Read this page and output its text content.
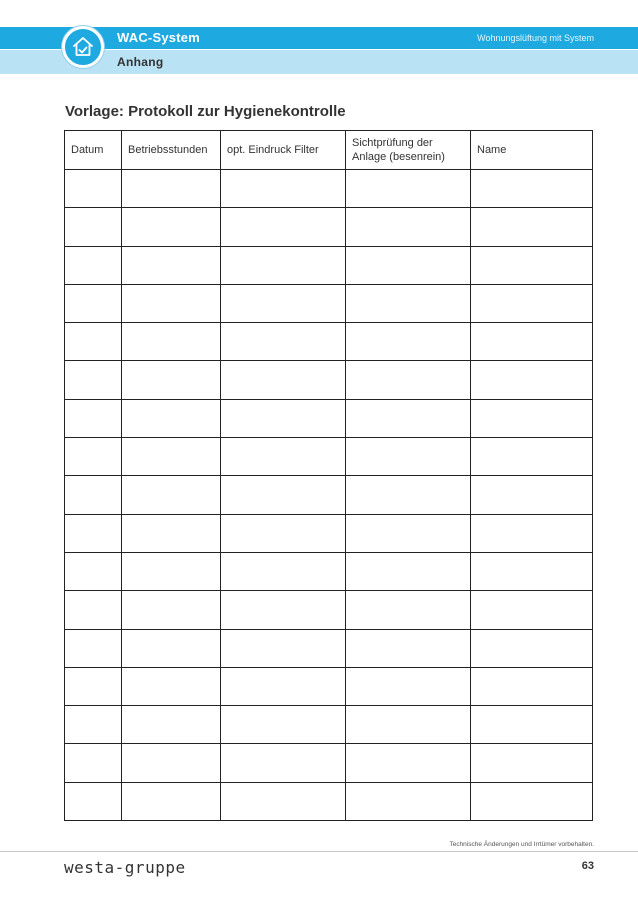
WAC-System	Wohnungslüftung mit System
Anhang
Vorlage: Protokoll zur Hygienekontrolle
Datum	Betriebsstunden	opt. Eindruck Filter	Sichtprüfung der
Anlage (besenrein)	Name

Technische Änderungen und Irrtümer vorbehalten.
westa-gruppe	63
